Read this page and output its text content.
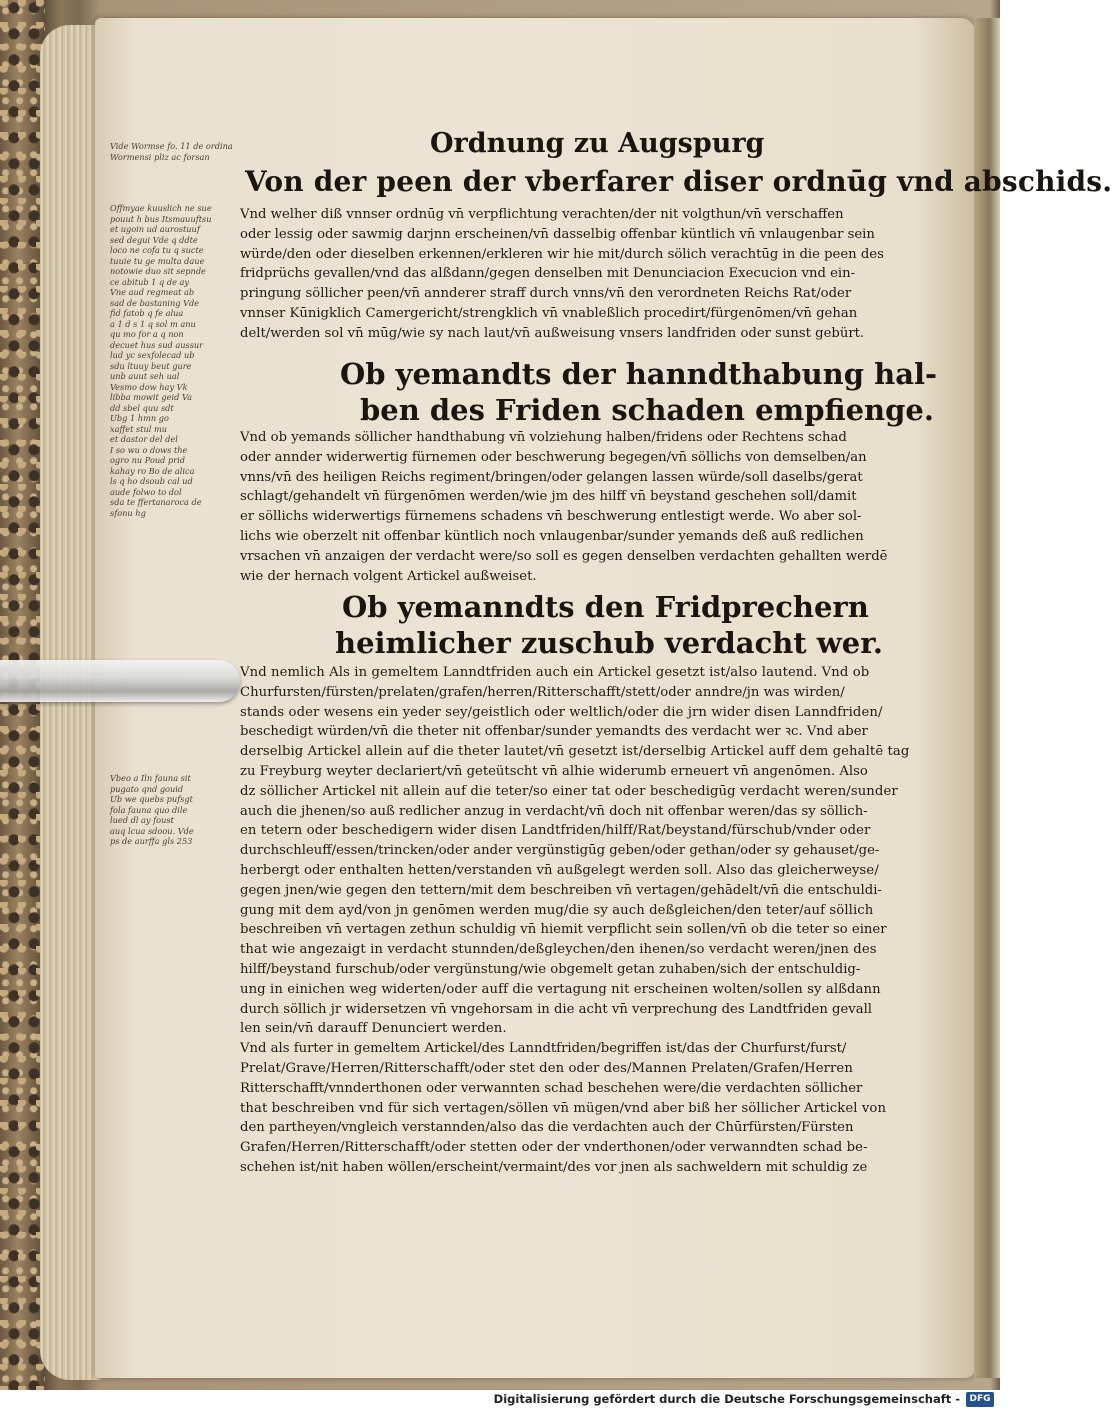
Ordnung zu Augspurg
Von der peen der vberfarer diser ordnūg vnd abschids.
Vnd welher diß vnnser ordnūg vn̄ verpflichtung verachten/der nit volgthun/vn̄ verschaffen
oder lessig oder sawmig darjnn erscheinen/vn̄ dasselbig offenbar küntlich vn̄ vnlaugenbar sein
würde/den oder dieselben erkennen/erkleren wir hie mit/durch sölich verachtūg in die peen des
fridprüchs gevallen/vnd das alßdann/gegen denselben mit Denunciacion Execucion vnd ein-
pringung söllicher peen/vn̄ annderer straff durch vnns/vn̄ den verordneten Reichs Rat/oder
vnnser Kūnigklich Camergericht/strengklich vn̄ vnableßlich procedirt/fürgenōmen/vn̄ gehan
delt/werden sol vn̄ mūg/wie sy nach laut/vn̄ außweisung vnsers landfriden oder sunst gebürt.
Ob yemandts der hanndthabung hal-
ben des Friden schaden empfienge.
Vnd ob yemands söllicher handthabung vn̄ volziehung halben/fridens oder Rechtens schad
oder annder widerwertig fürnemen oder beschwerung begegen/vn̄ söllichs von demselben/an
vnns/vn̄ des heiligen Reichs regiment/bringen/oder gelangen lassen würde/soll daselbs/gerat
schlagt/gehandelt vn̄ fürgenōmen werden/wie jm des hilff vn̄ beystand geschehen soll/damit
er söllichs widerwertigs fürnemens schadens vn̄ beschwerung entlestigt werde. Wo aber sol-
lichs wie oberzelt nit offenbar küntlich noch vnlaugenbar/sunder yemands deß auß redlichen
vrsachen vn̄ anzaigen der verdacht were/so soll es gegen denselben verdachten gehallten werdē
wie der hernach volgent Artickel außweiset.
Ob yemanndts den Fridprechern
heimlicher zuschub verdacht wer.
Vnd nemlich Als in gemeltem Lanndtfriden auch ein Artickel gesetzt ist/also lautend. Vnd ob
Churfursten/fürsten/prelaten/grafen/herren/Ritterschafft/stett/oder anndre/jn was wirden/
stands oder wesens ein yeder sey/geistlich oder weltlich/oder die jrn wider disen Lanndfriden/
beschedigt würden/vn̄ die theter nit offenbar/sunder yemandts des verdacht wer ꝛc. Vnd aber
derselbig Artickel allein auf die theter lautet/vn̄ gesetzt ist/derselbig Artickel auff dem gehaltē tag
zu Freyburg weyter declariert/vn̄ geteütscht vn̄ alhie widerumb erneuert vn̄ angenōmen. Also
dz söllicher Artickel nit allein auf die teter/so einer tat oder beschedigūg verdacht weren/sunder
auch die jhenen/so auß redlicher anzug in verdacht/vn̄ doch nit offenbar weren/das sy söllich-
en tetern oder beschedigern wider disen Landtfriden/hilff/Rat/beystand/fürschub/vnder oder
durchschleuff/essen/trincken/oder ander vergünstigūg geben/oder gethan/oder sy gehauset/ge-
herbergt oder enthalten hetten/verstanden vn̄ außgelegt werden soll. Also das gleicherweyse/
gegen jnen/wie gegen den tettern/mit dem beschreiben vn̄ vertagen/gehādelt/vn̄ die entschuldi-
gung mit dem ayd/von jn genōmen werden mug/die sy auch deßgleichen/den teter/auf söllich
beschreiben vn̄ vertagen zethun schuldig vn̄ hiemit verpflicht sein sollen/vn̄ ob die teter so einer
that wie angezaigt in verdacht stunnden/deßgleychen/den ihenen/so verdacht weren/jnen des
hilff/beystand furschub/oder vergünstung/wie obgemelt getan zuhaben/sich der entschuldig-
ung in einichen weg widerten/oder auff die vertagung nit erscheinen wolten/sollen sy alßdann
durch söllich jr widersetzen vn̄ vngehorsam in die acht vn̄ verprechung des Landtfriden gevall
len sein/vn̄ darauff Denunciert werden.
Vnd als furter in gemeltem Artickel/des Lanndtfriden/begriffen ist/das der Churfurst/furst/
Prelat/Grave/Herren/Ritterschafft/oder stet den oder des/Mannen Prelaten/Grafen/Herren
Ritterschafft/vnnderthonen oder verwannten schad beschehen were/die verdachten söllicher
that beschreiben vnd für sich vertagen/söllen vn̄ mügen/vnd aber biß her söllicher Artickel von
den partheyen/vngleich verstannden/also das die verdachten auch der Chūrfürsten/Fürsten
Grafen/Herren/Ritterschafft/oder stetten oder der vnderthonen/oder verwanndten schad be-
schehen ist/nit haben wöllen/erscheint/vermaint/des vor jnen als sachweldern mit schuldig ze
Vide Wormse fo. 11 de ordina
Wormensi pliz ac forsan
Offmyae kuuslich ne sue
pouut h bus Itsmauuftsu
et ugoin ud aurostuuf
sed degui Vde q ddte
loco ne cofa tu q sucte
tuuie tu ge multa daue
notowie duo sit sepnde
ce abitub 1 q de ay
Vne aud regmeat ab
sad de bastaning Vde
fid fatob q fe alua
a 1 d s 1 q sol m anu
qu mo for a q non
decuet hus sud aussur
lud yc sexfolecad ub
sdu ltuuy beut gure
unb auut seh ual
Vesmo dow hay Vk
libba mowit geid Va
dd sbel quu sdt
Ubg 1 hmn go
xaffet stul mu
et dastor del del
I so wu o dows the
ogro nu Poud prid
kahay ro Bo de alica
ls q ho dsoub cal ud
aude folwo to dol
sda te ffertanaroca de
sfonu hg
Vbeo a Iln fauna sit
pugato qnd gouid
Ub we quebs pufsgt
fola fauna quo dile
lued dl ay foust
auq lcua sdoou. Vde
ps de aurffa gls 253
Digitalisierung gefördert durch die Deutsche Forschungsgemeinschaft -	DFG
